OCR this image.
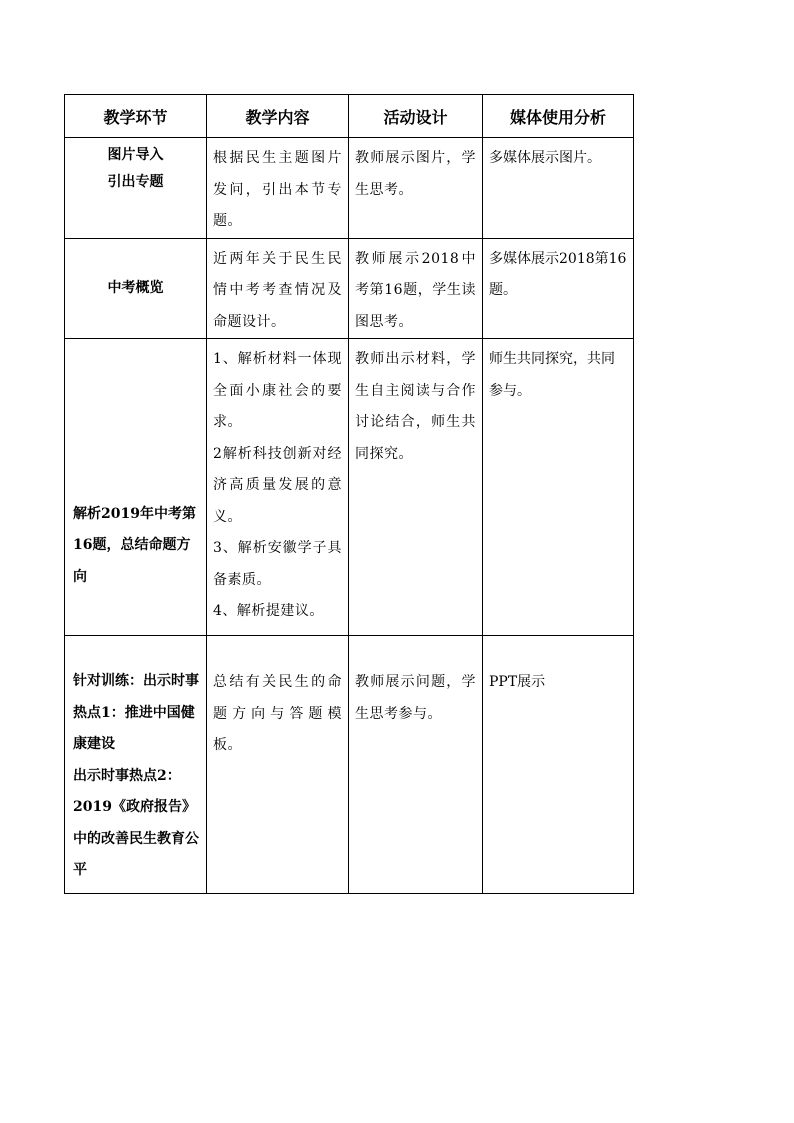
教学环节	教学内容	活动设计	媒体使用分析

图片导入
引出专题	根据民生主题图片发问，引出本节专题。	教师展示图片，学生思考。	多媒体展示图片。

中考概览	近两年关于民生民情中考考查情况及命题设计。	教师展示2018中考第16题，学生读图思考。	多媒体展示2018第16题。

解析2019年中考第16题，总结命题方向	1、解析材料一体现全面小康社会的要求。
2解析科技创新对经济高质量发展的意义。
3、解析安徽学子具备素质。
4、解析提建议。	教师出示材料，学生自主阅读与合作讨论结合，师生共同探究。	师生共同探究，共同参与。

针对训练：出示时事热点1：推进中国健康建设
出示时事热点2：2019《政府报告》中的改善民生教育公平	总结有关民生的命题方向与答题模板。	教师展示问题，学生思考参与。	PPT展示
